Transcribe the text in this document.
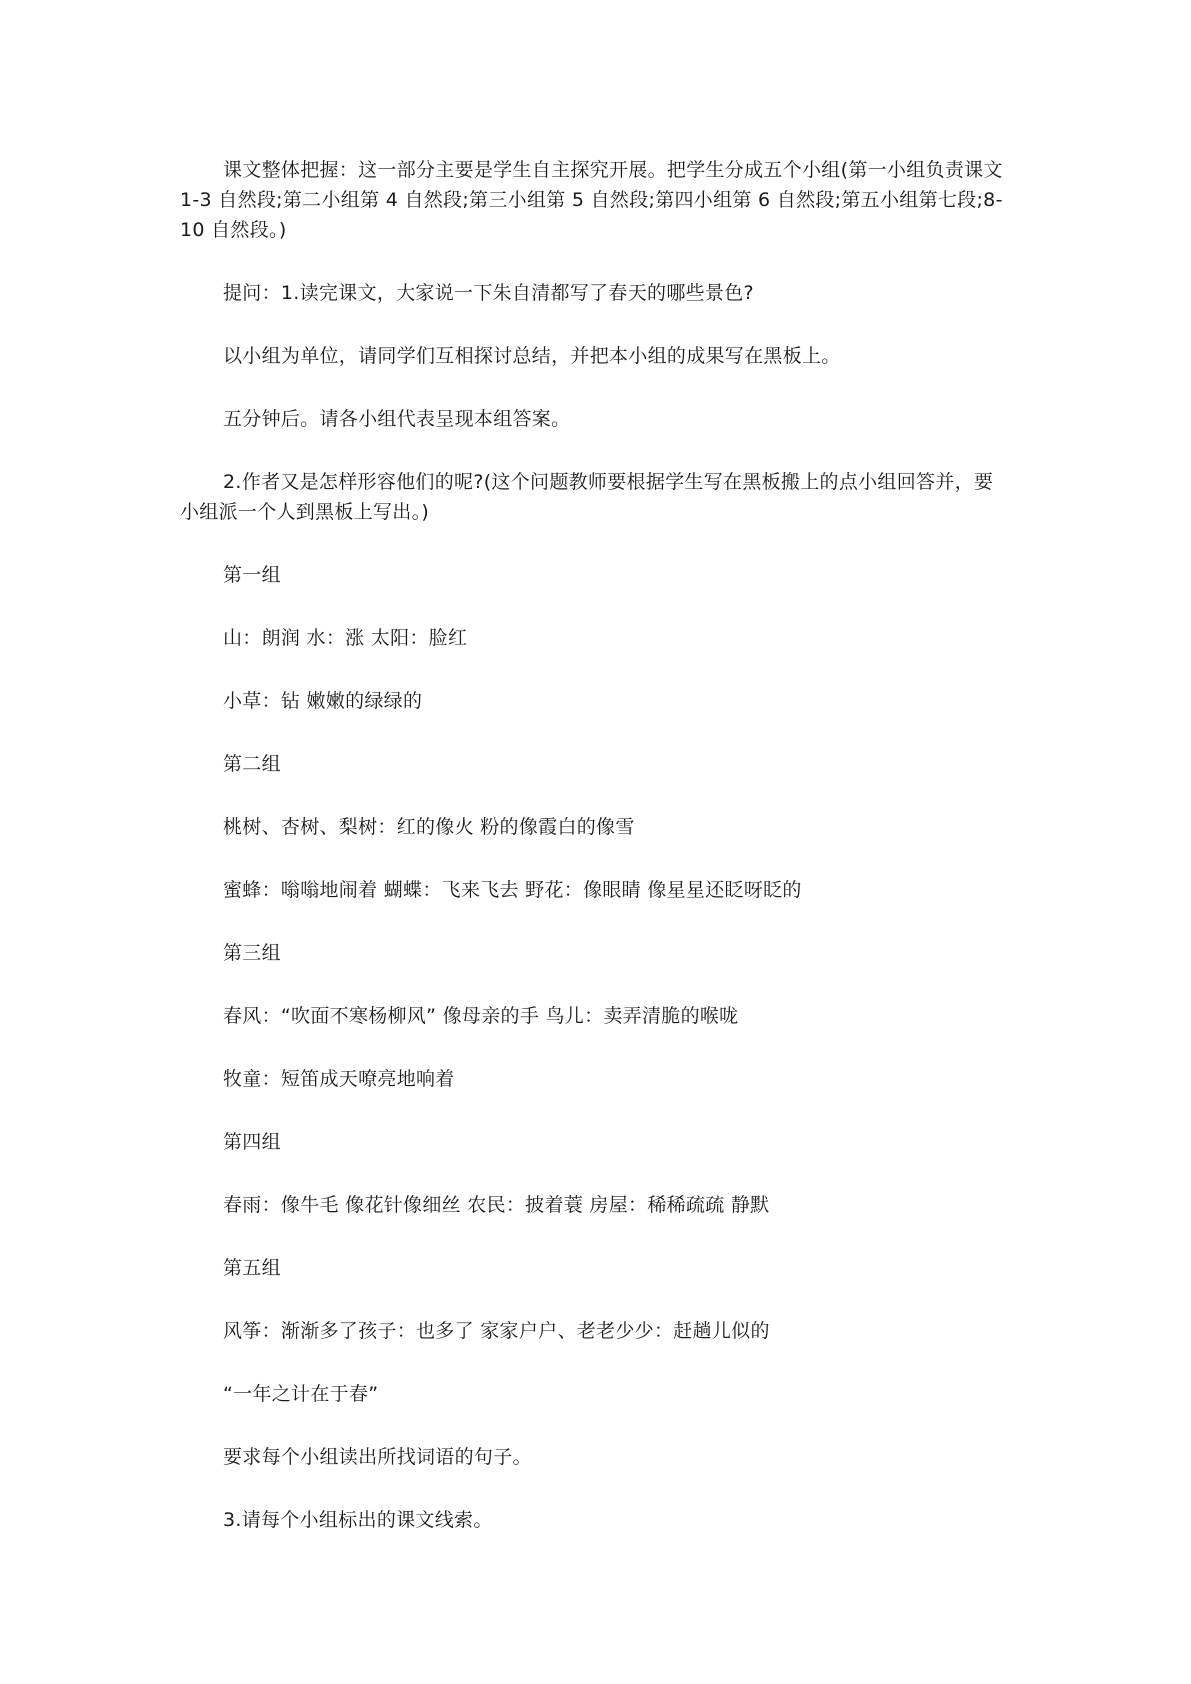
课文整体把握：这一部分主要是学生自主探究开展。把学生分成五个小组(第一小组负责课文 1-3 自然段;第二小组第 4 自然段;第三小组第 5 自然段;第四小组第 6 自然段;第五小组第七段;8-10 自然段。)

提问：1.读完课文，大家说一下朱自清都写了春天的哪些景色?

以小组为单位，请同学们互相探讨总结，并把本小组的成果写在黑板上。

五分钟后。请各小组代表呈现本组答案。

2.作者又是怎样形容他们的呢?(这个问题教师要根据学生写在黑板搬上的点小组回答并，要小组派一个人到黑板上写出。)

第一组

山：朗润 水：涨 太阳：脸红

小草：钻 嫩嫩的绿绿的

第二组

桃树、杏树、梨树：红的像火 粉的像霞白的像雪

蜜蜂：嗡嗡地闹着 蝴蝶：飞来飞去 野花：像眼睛 像星星还眨呀眨的

第三组

春风：“吹面不寒杨柳风” 像母亲的手 鸟儿：卖弄清脆的喉咙

牧童：短笛成天嘹亮地响着

第四组

春雨：像牛毛 像花针像细丝 农民：披着蓑 房屋：稀稀疏疏 静默

第五组

风筝：渐渐多了孩子：也多了 家家户户、老老少少：赶趟儿似的

“一年之计在于春”

要求每个小组读出所找词语的句子。

3.请每个小组标出的课文线索。
